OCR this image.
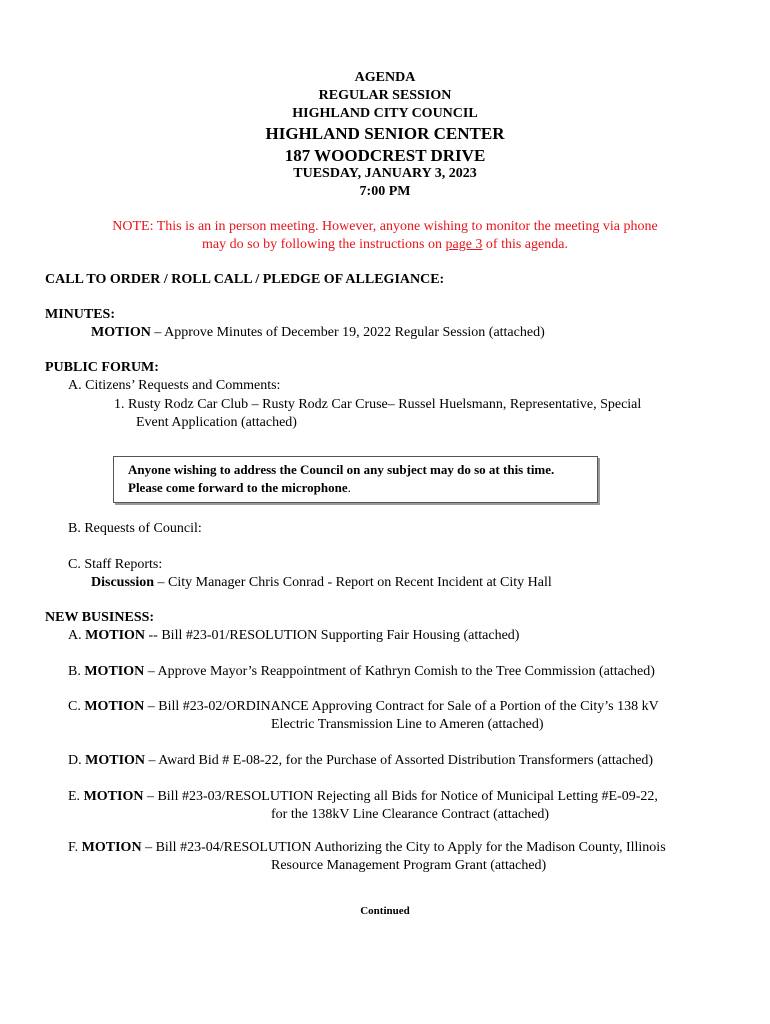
AGENDA
REGULAR SESSION
HIGHLAND CITY COUNCIL
HIGHLAND SENIOR CENTER
187 WOODCREST DRIVE
TUESDAY, JANUARY 3, 2023
7:00 PM
NOTE: This is an in person meeting. However, anyone wishing to monitor the meeting via phone
may do so by following the instructions on page 3 of this agenda.
CALL TO ORDER / ROLL CALL / PLEDGE OF ALLEGIANCE:
MINUTES:
MOTION – Approve Minutes of December 19, 2022 Regular Session (attached)
PUBLIC FORUM:
A. Citizens’ Requests and Comments:
1. Rusty Rodz Car Club – Rusty Rodz Car Cruse– Russel Huelsmann, Representative, Special
Event Application (attached)
Anyone wishing to address the Council on any subject may do so at this time.
Please come forward to the microphone.
B. Requests of Council:
C. Staff Reports:
Discussion – City Manager Chris Conrad - Report on Recent Incident at City Hall
NEW BUSINESS:
A. MOTION -- Bill #23-01/RESOLUTION Supporting Fair Housing (attached)
B. MOTION – Approve Mayor’s Reappointment of Kathryn Comish to the Tree Commission (attached)
C. MOTION – Bill #23-02/ORDINANCE Approving Contract for Sale of a Portion of the City’s 138 kV
Electric Transmission Line to Ameren (attached)
D. MOTION – Award Bid # E-08-22, for the Purchase of Assorted Distribution Transformers (attached)
E. MOTION – Bill #23-03/RESOLUTION Rejecting all Bids for Notice of Municipal Letting #E-09-22,
for the 138kV Line Clearance Contract (attached)
F. MOTION – Bill #23-04/RESOLUTION Authorizing the City to Apply for the Madison County, Illinois
Resource Management Program Grant (attached)
Continued
